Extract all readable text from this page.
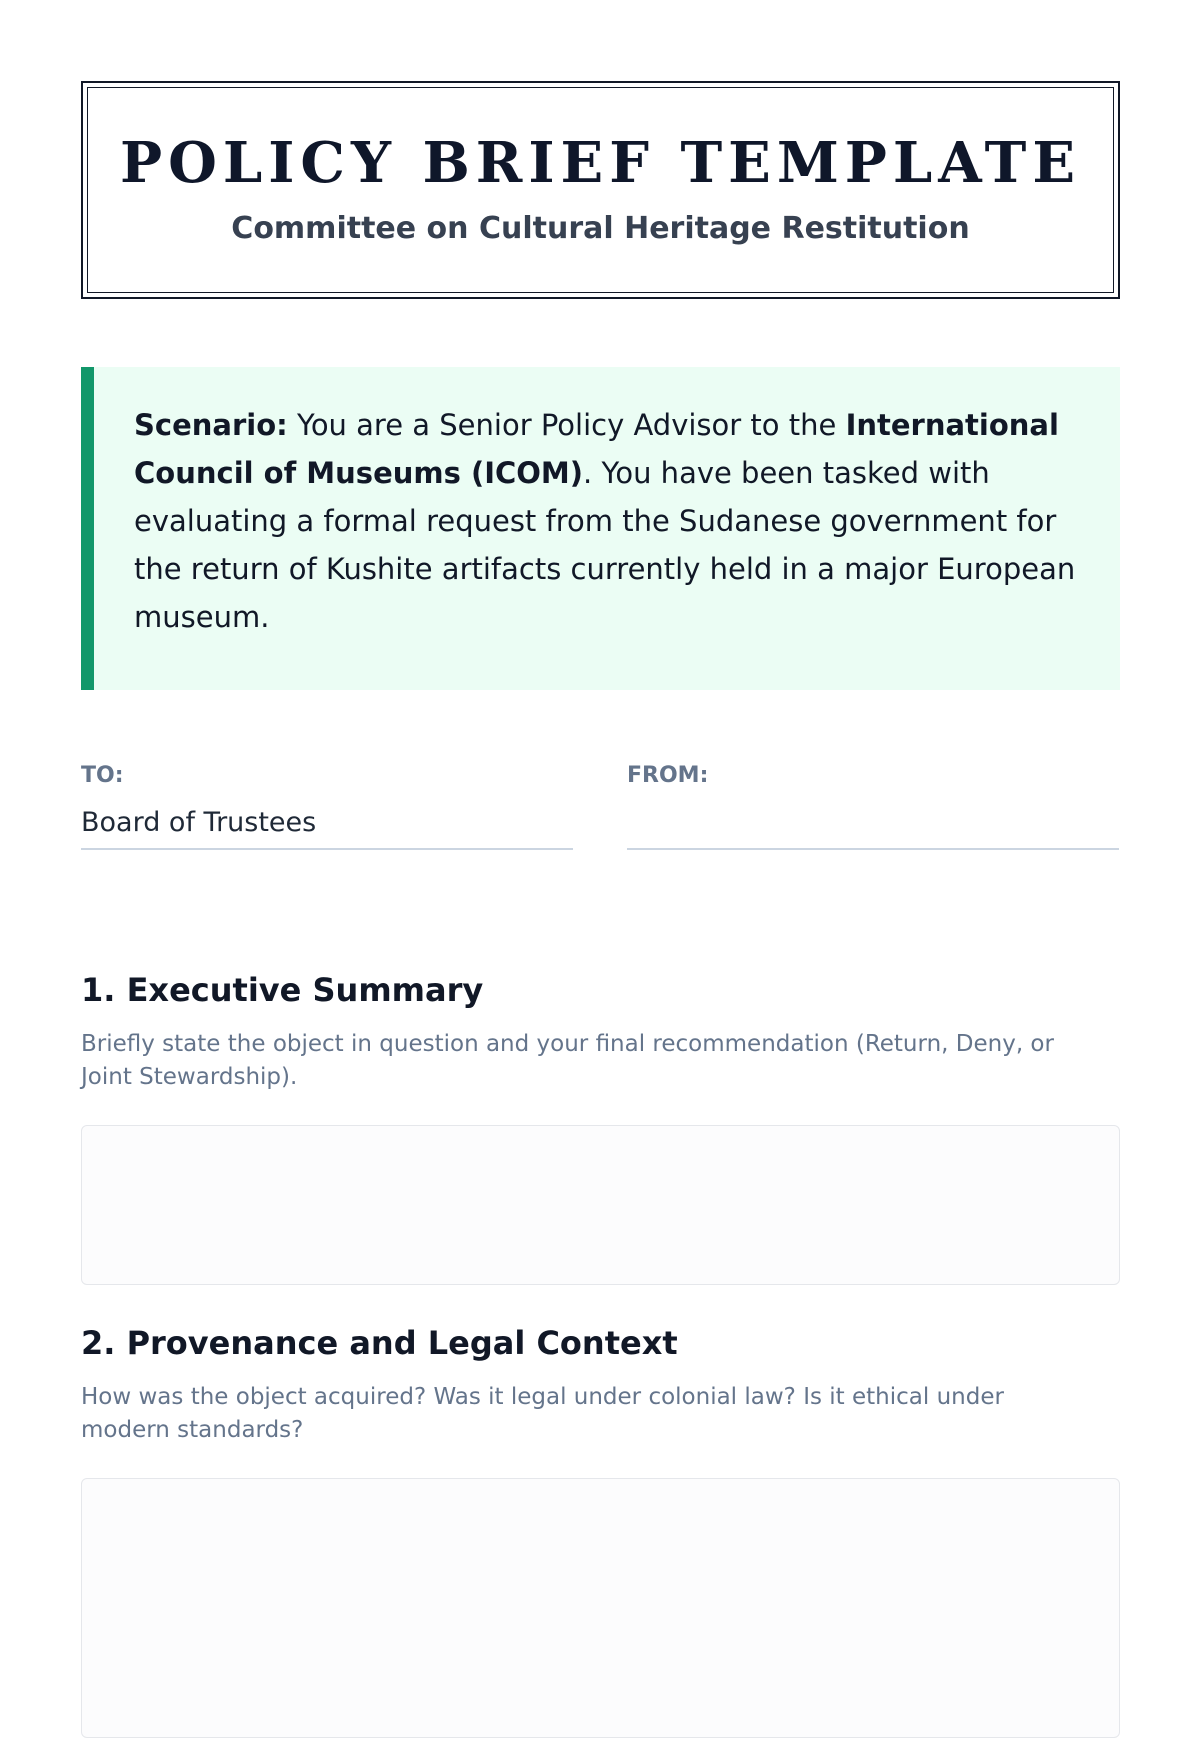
POLICY BRIEF TEMPLATE
Committee on Cultural Heritage Restitution
Scenario: You are a Senior Policy Advisor to the International Council of Museums (ICOM). You have been tasked with evaluating a formal request from the Sudanese government for the return of Kushite artifacts currently held in a major European museum.
TO:
Board of Trustees
FROM:
1. Executive Summary
Briefly state the object in question and your final recommendation (Return, Deny, or Joint Stewardship).
2. Provenance and Legal Context
How was the object acquired? Was it legal under colonial law? Is it ethical under modern standards?
